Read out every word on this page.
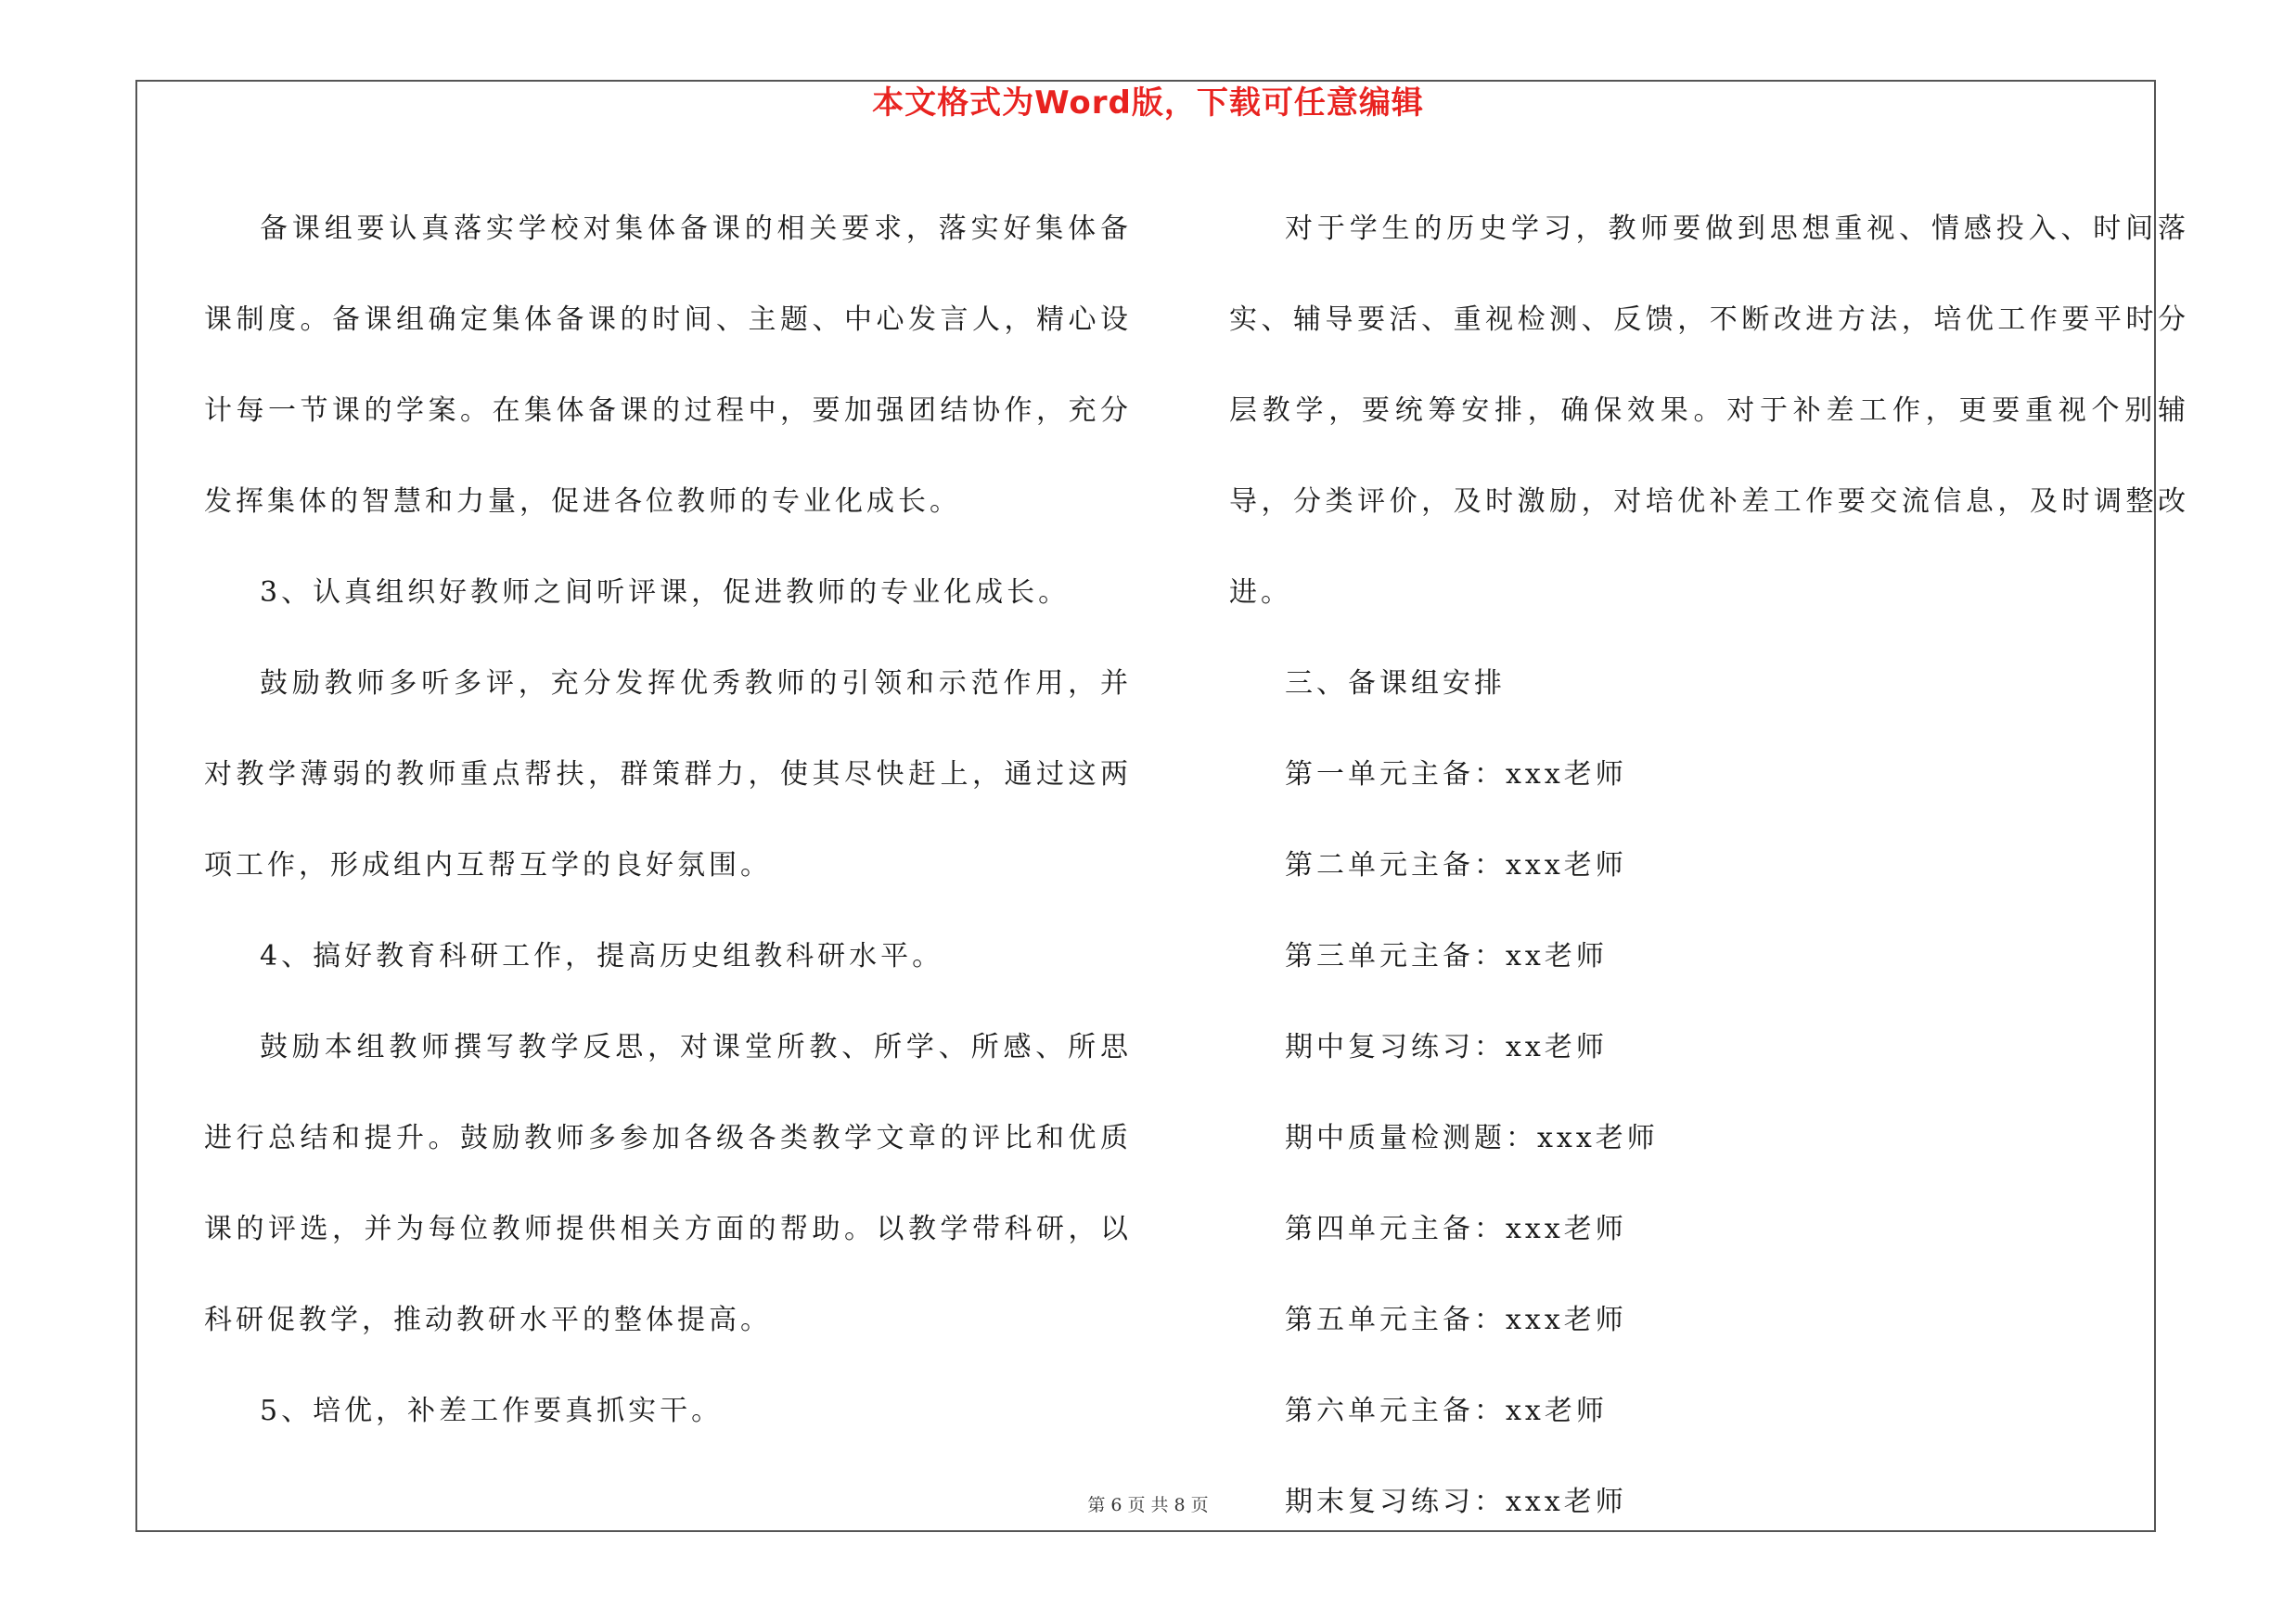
本文格式为Word版，下载可任意编辑

备课组要认真落实学校对集体备课的相关要求，落实好集体备课制度。备课组确定集体备课的时间、主题、中心发言人，精心设计每一节课的学案。在集体备课的过程中，要加强团结协作，充分发挥集体的智慧和力量，促进各位教师的专业化成长。

3、认真组织好教师之间听评课，促进教师的专业化成长。

鼓励教师多听多评，充分发挥优秀教师的引领和示范作用，并对教学薄弱的教师重点帮扶，群策群力，使其尽快赶上，通过这两项工作，形成组内互帮互学的良好氛围。

4、搞好教育科研工作，提高历史组教科研水平。

鼓励本组教师撰写教学反思，对课堂所教、所学、所感、所思进行总结和提升。鼓励教师多参加各级各类教学文章的评比和优质课的评选，并为每位教师提供相关方面的帮助。以教学带科研，以科研促教学，推动教研水平的整体提高。

5、培优，补差工作要真抓实干。

对于学生的历史学习，教师要做到思想重视、情感投入、时间落实、辅导要活、重视检测、反馈，不断改进方法，培优工作要平时分层教学，要统筹安排，确保效果。对于补差工作，更要重视个别辅导，分类评价，及时激励，对培优补差工作要交流信息，及时调整改进。

三、备课组安排

第一单元主备：xxx老师

第二单元主备：xxx老师

第三单元主备：xx老师

期中复习练习：xx老师

期中质量检测题：xxx老师

第四单元主备：xxx老师

第五单元主备：xxx老师

第六单元主备：xx老师

期末复习练习：xxx老师

第 6 页 共 8 页
